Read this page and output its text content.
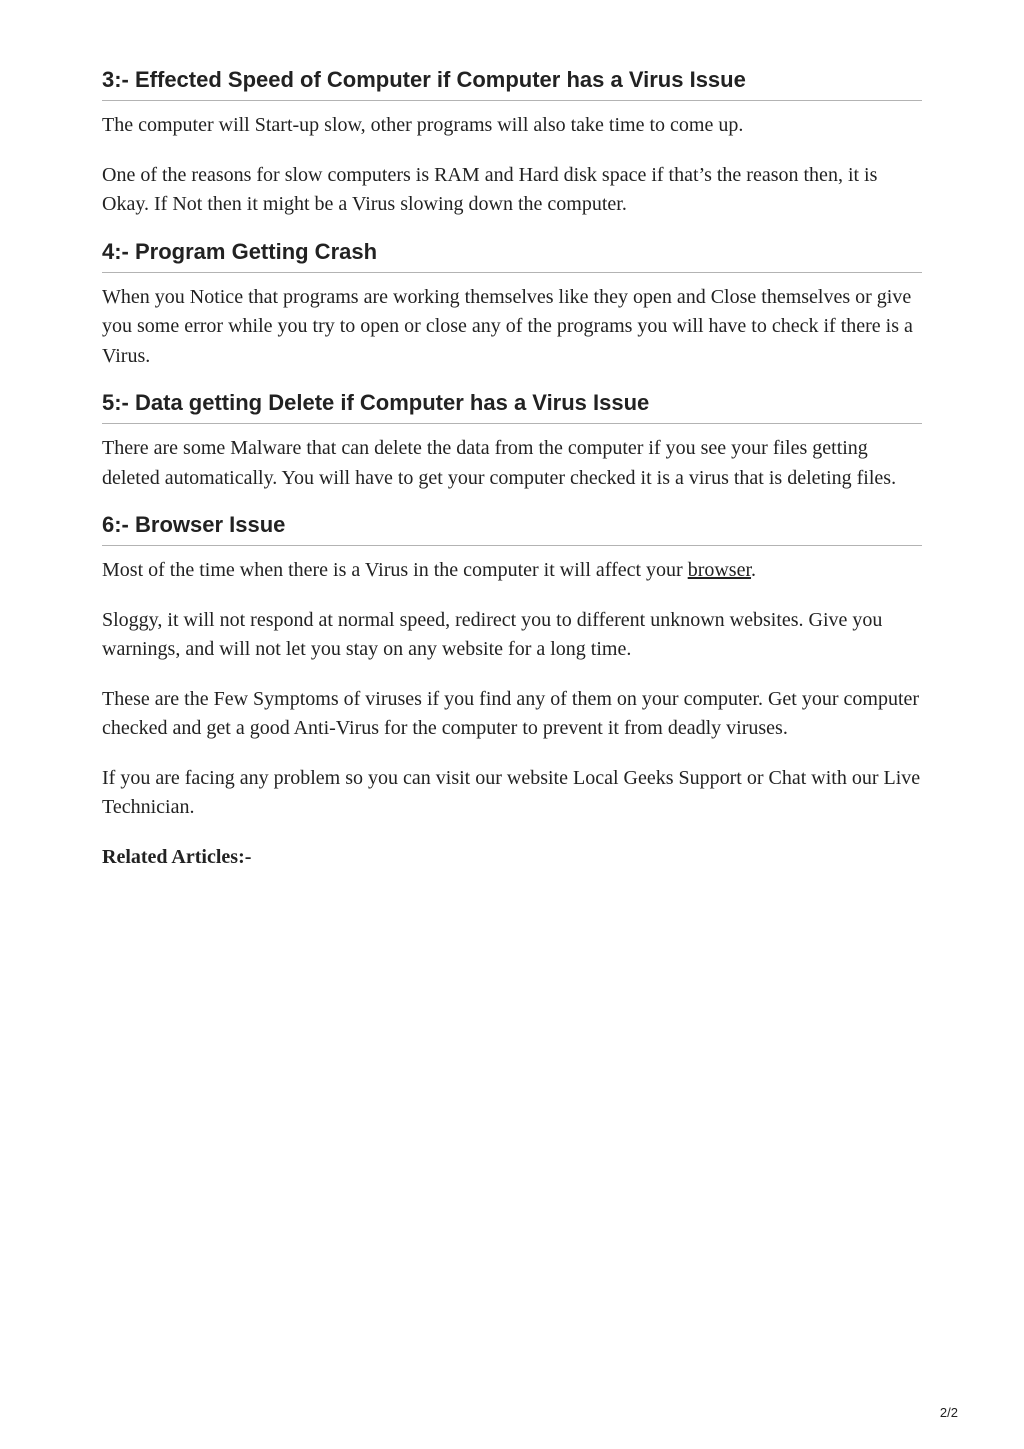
3:- Effected Speed of Computer if Computer has a Virus Issue

The computer will Start-up slow, other programs will also take time to come up.

One of the reasons for slow computers is RAM and Hard disk space if that’s the reason then, it is Okay. If Not then it might be a Virus slowing down the computer.

4:- Program Getting Crash

When you Notice that programs are working themselves like they open and Close themselves or give you some error while you try to open or close any of the programs you will have to check if there is a Virus.

5:- Data getting Delete if Computer has a Virus Issue

There are some Malware that can delete the data from the computer if you see your files getting deleted automatically. You will have to get your computer checked it is a virus that is deleting files.

6:- Browser Issue

Most of the time when there is a Virus in the computer it will affect your browser.

Sloggy, it will not respond at normal speed, redirect you to different unknown websites. Give you warnings, and will not let you stay on any website for a long time.

These are the Few Symptoms of viruses if you find any of them on your computer. Get your computer checked and get a good Anti-Virus for the computer to prevent it from deadly viruses.

If you are facing any problem so you can visit our website Local Geeks Support or Chat with our Live Technician.

Related Articles:-

2/2
